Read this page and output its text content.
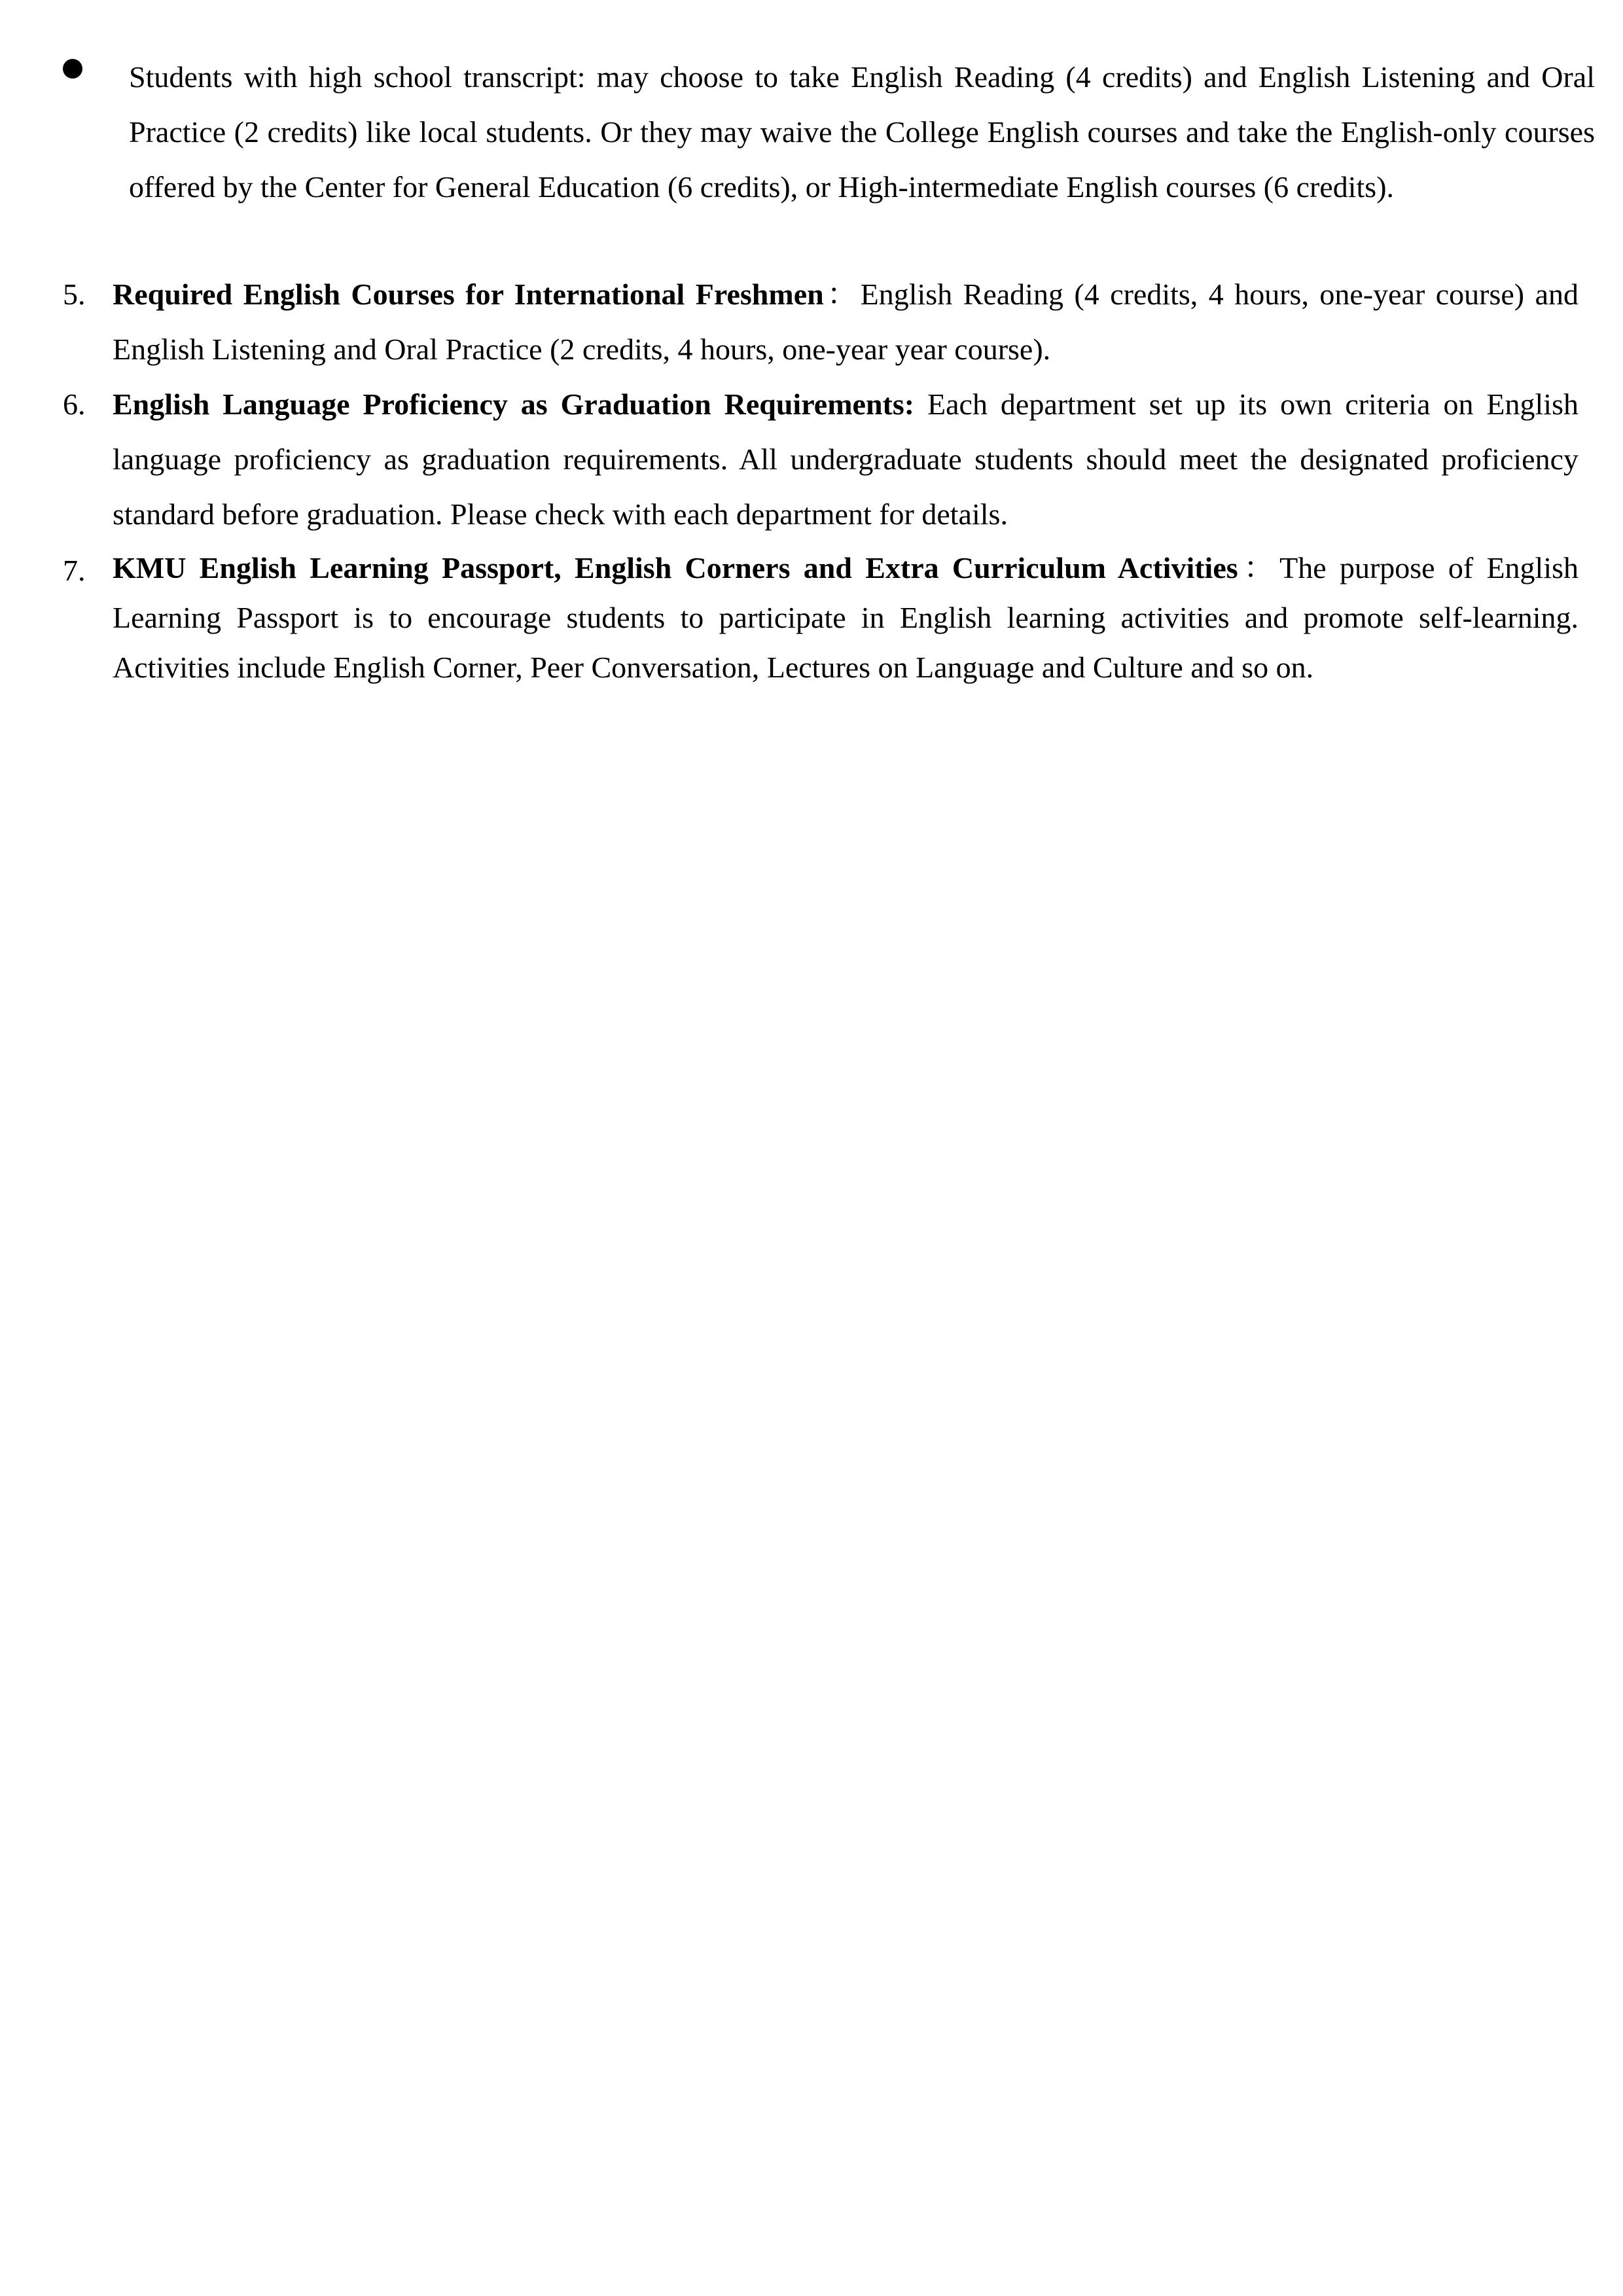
Students with high school transcript: may choose to take English Reading (4 credits) and English Listening and Oral Practice (2 credits) like local students. Or they may waive the College English courses and take the English-only courses offered by the Center for General Education (6 credits), or High-intermediate English courses (6 credits).
5. Required English Courses for International Freshmen：English Reading (4 credits, 4 hours, one-year course) and English Listening and Oral Practice (2 credits, 4 hours, one-year year course).
6. English Language Proficiency as Graduation Requirements: Each department set up its own criteria on English language proficiency as graduation requirements. All undergraduate students should meet the designated proficiency standard before graduation. Please check with each department for details.
7. KMU English Learning Passport, English Corners and Extra Curriculum Activities：The purpose of English Learning Passport is to encourage students to participate in English learning activities and promote self-learning. Activities include English Corner, Peer Conversation, Lectures on Language and Culture and so on.
